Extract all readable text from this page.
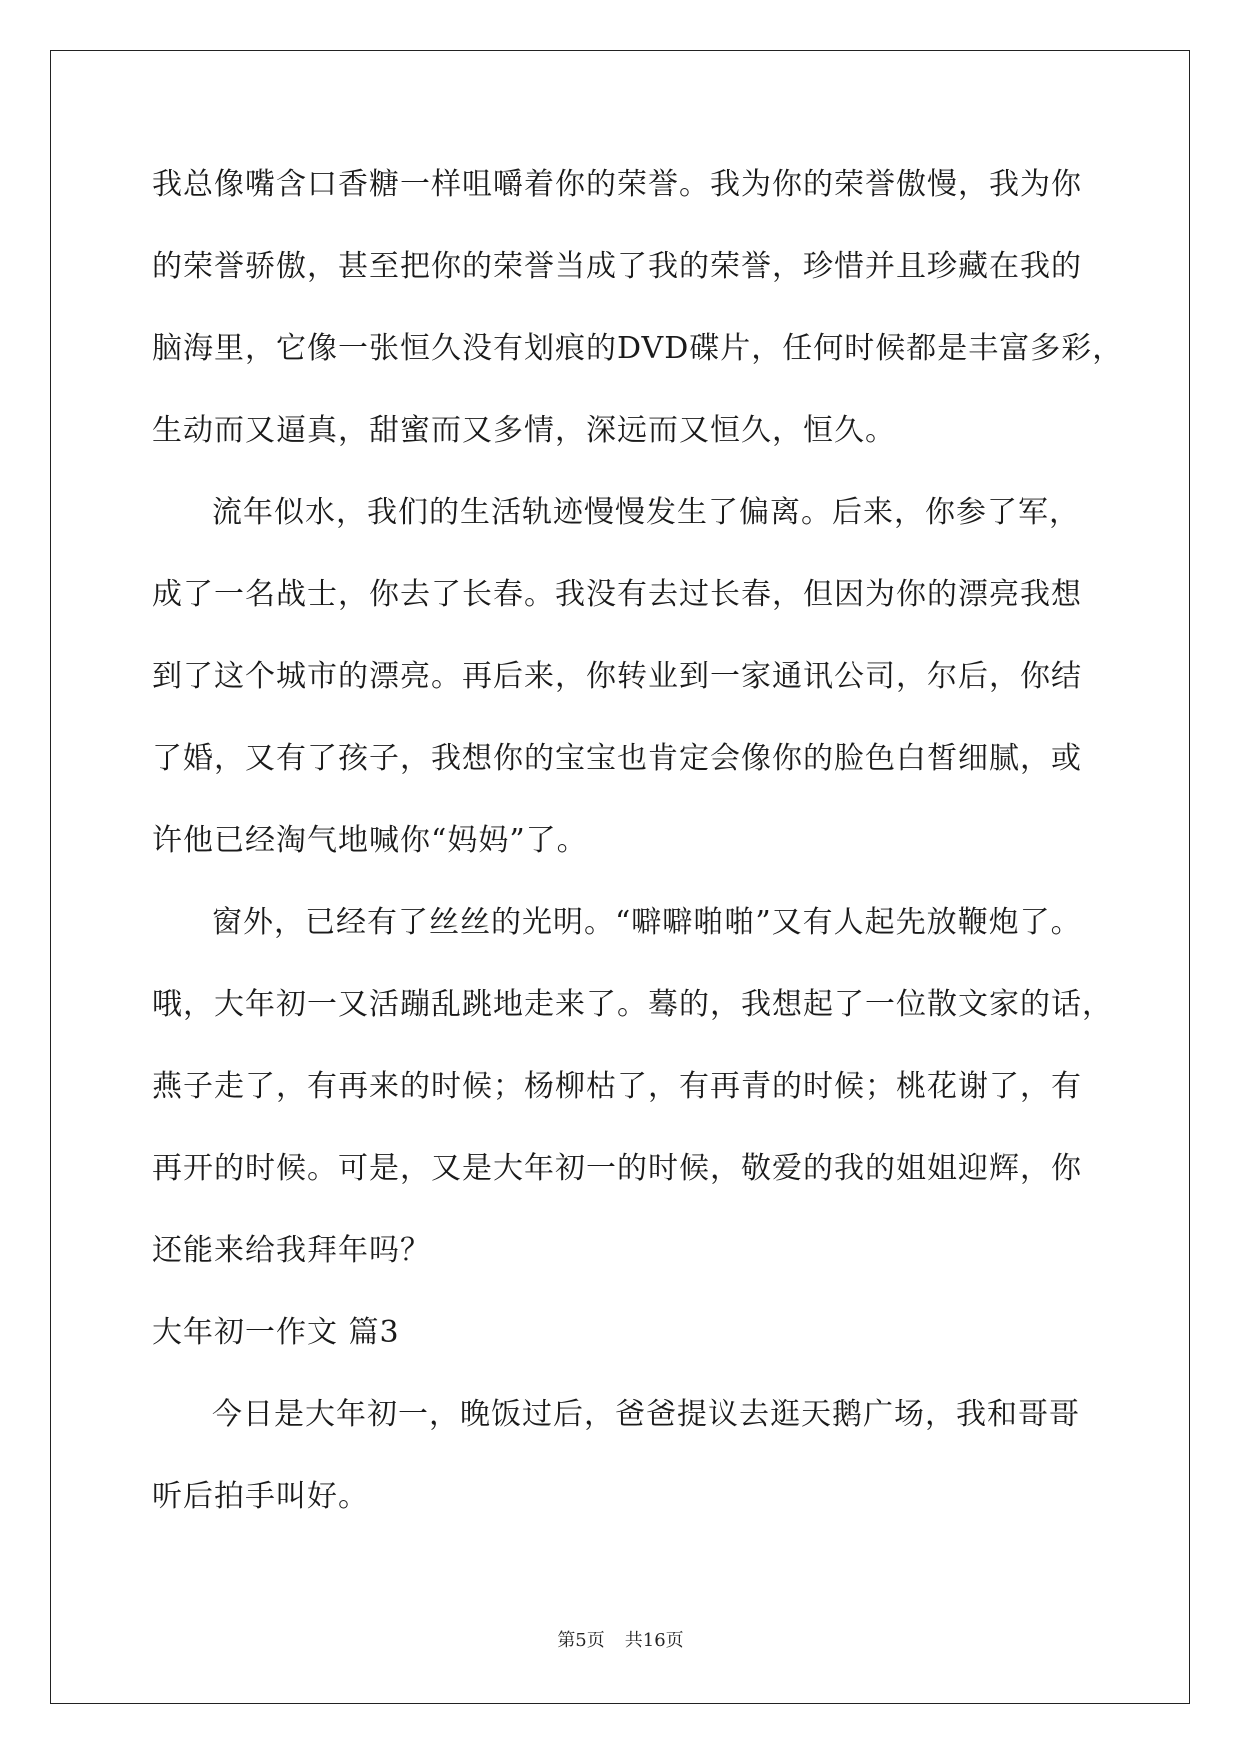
我总像嘴含口香糖一样咀嚼着你的荣誉。我为你的荣誉傲慢，我为你
的荣誉骄傲，甚至把你的荣誉当成了我的荣誉，珍惜并且珍藏在我的
脑海里，它像一张恒久没有划痕的DVD碟片，任何时候都是丰富多彩，
生动而又逼真，甜蜜而又多情，深远而又恒久，恒久。
流年似水，我们的生活轨迹慢慢发生了偏离。后来，你参了军，
成了一名战士，你去了长春。我没有去过长春，但因为你的漂亮我想
到了这个城市的漂亮。再后来，你转业到一家通讯公司，尔后，你结
了婚，又有了孩子，我想你的宝宝也肯定会像你的脸色白皙细腻，或
许他已经淘气地喊你“妈妈”了。
窗外，已经有了丝丝的光明。“噼噼啪啪”又有人起先放鞭炮了。
哦，大年初一又活蹦乱跳地走来了。蓦的，我想起了一位散文家的话，
燕子走了，有再来的时候；杨柳枯了，有再青的时候；桃花谢了，有
再开的时候。可是，又是大年初一的时候，敬爱的我的姐姐迎辉，你
还能来给我拜年吗？
大年初一作文 篇3
今日是大年初一，晚饭过后，爸爸提议去逛天鹅广场，我和哥哥
听后拍手叫好。
第5页 共16页
